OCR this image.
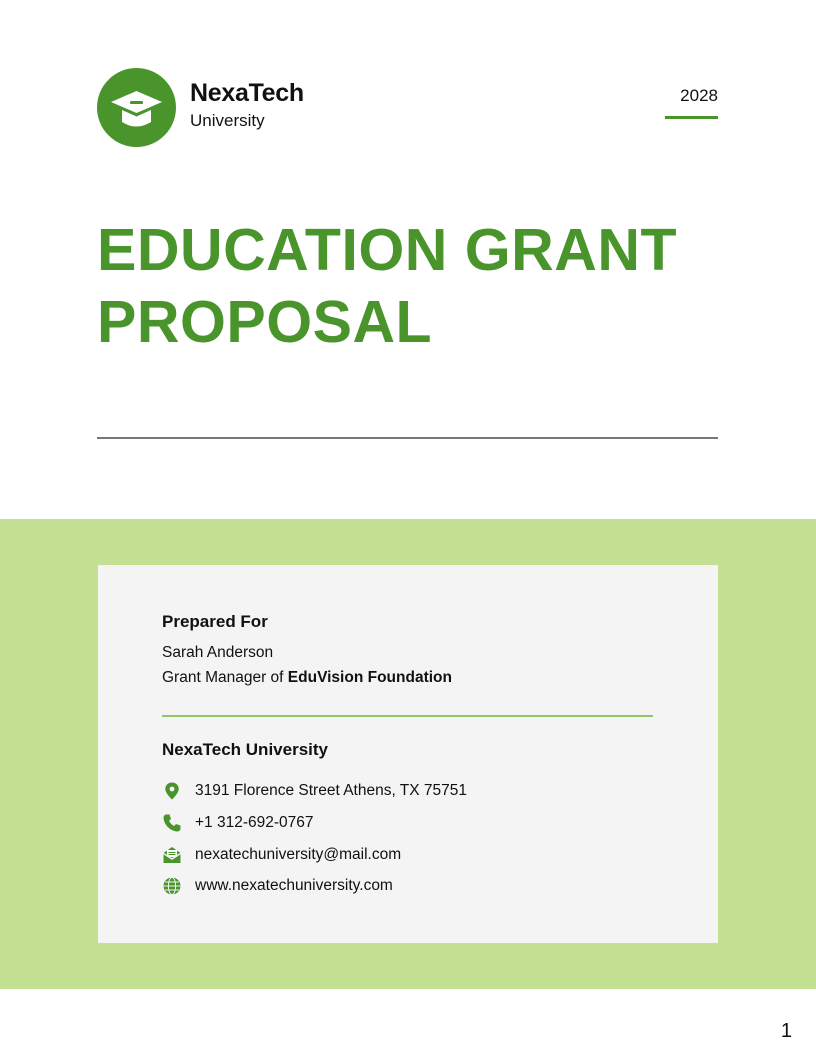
NexaTech
University
2028
EDUCATION GRANT
PROPOSAL
Prepared For
Sarah Anderson
Grant Manager of EduVision Foundation
NexaTech University
3191 Florence Street Athens, TX 75751
+1 312-692-0767
nexatechuniversity@mail.com
www.nexatechuniversity.com
1
